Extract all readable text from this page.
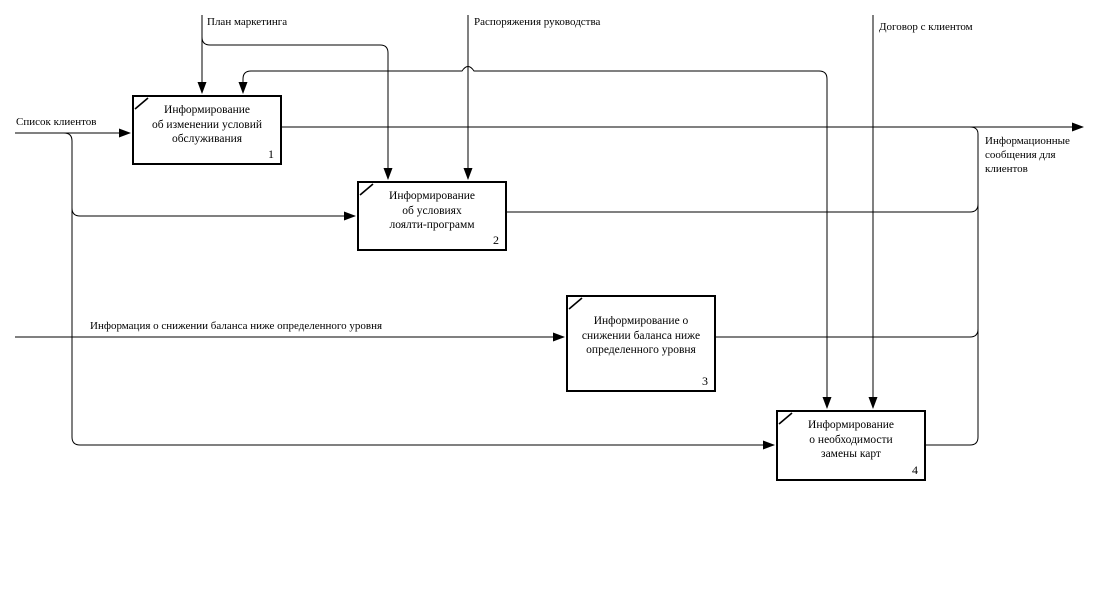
Информирование
об изменении условий
обслуживания
1
Информирование
об условиях
лоялти-программ
2
Информирование о
снижении баланса ниже
определенного уровня
3
Информирование
о необходимости
замены карт
4
План маркетинга	Распоряжения руководства	Договор с клиентом
Список клиентов
Информация о снижении баланса ниже определенного уровня
Информационные сообщения для клиентов
